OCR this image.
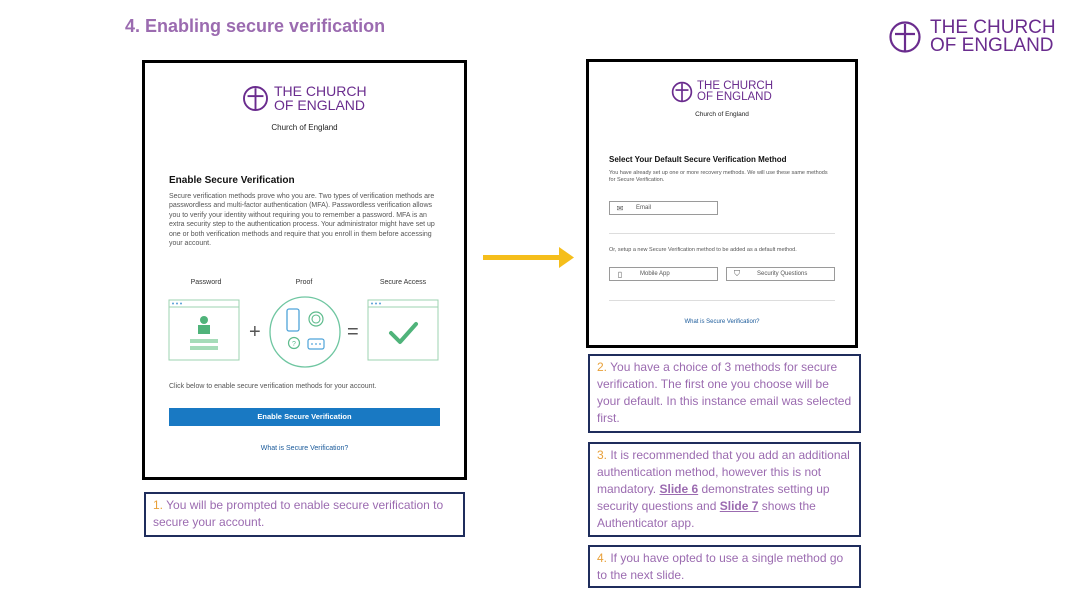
4. Enabling secure verification	THE CHURCH
OF ENGLAND
THE CHURCH
OF ENGLAND
Church of England
Enable Secure Verification
Secure verification methods prove who you are. Two types of verification methods are passwordless and multi-factor authentication (MFA). Passwordless verification allows you to verify your identity without requiring you to remember a password. MFA is an extra security step to the authentication process. Your administrator might have set up one or both verification methods and require that you enroll in them before accessing your account.
Password	Proof	Secure Access
+
?
=
Click below to enable secure verification methods for your account.
Enable Secure Verification
What is Secure Verification?
THE CHURCH
OF ENGLAND
Church of England
Select Your Default Secure Verification Method
You have already set up one or more recovery methods. We will use these same methods for Secure Verification.
✉	Email
Or, setup a new Secure Verification method to be added as a default method.
▯	Mobile App	⛉	Security Questions
What is Secure Verification?
1. You will be prompted to enable secure verification to secure your account.
2. You have a choice of 3 methods for secure verification. The first one you choose will be your default. In this instance email was selected first.
3. It is recommended that you add an additional authentication method, however this is not mandatory. Slide 6 demonstrates setting up security questions and Slide 7 shows the Authenticator app.
4. If you have opted to use a single method go to the next slide.
